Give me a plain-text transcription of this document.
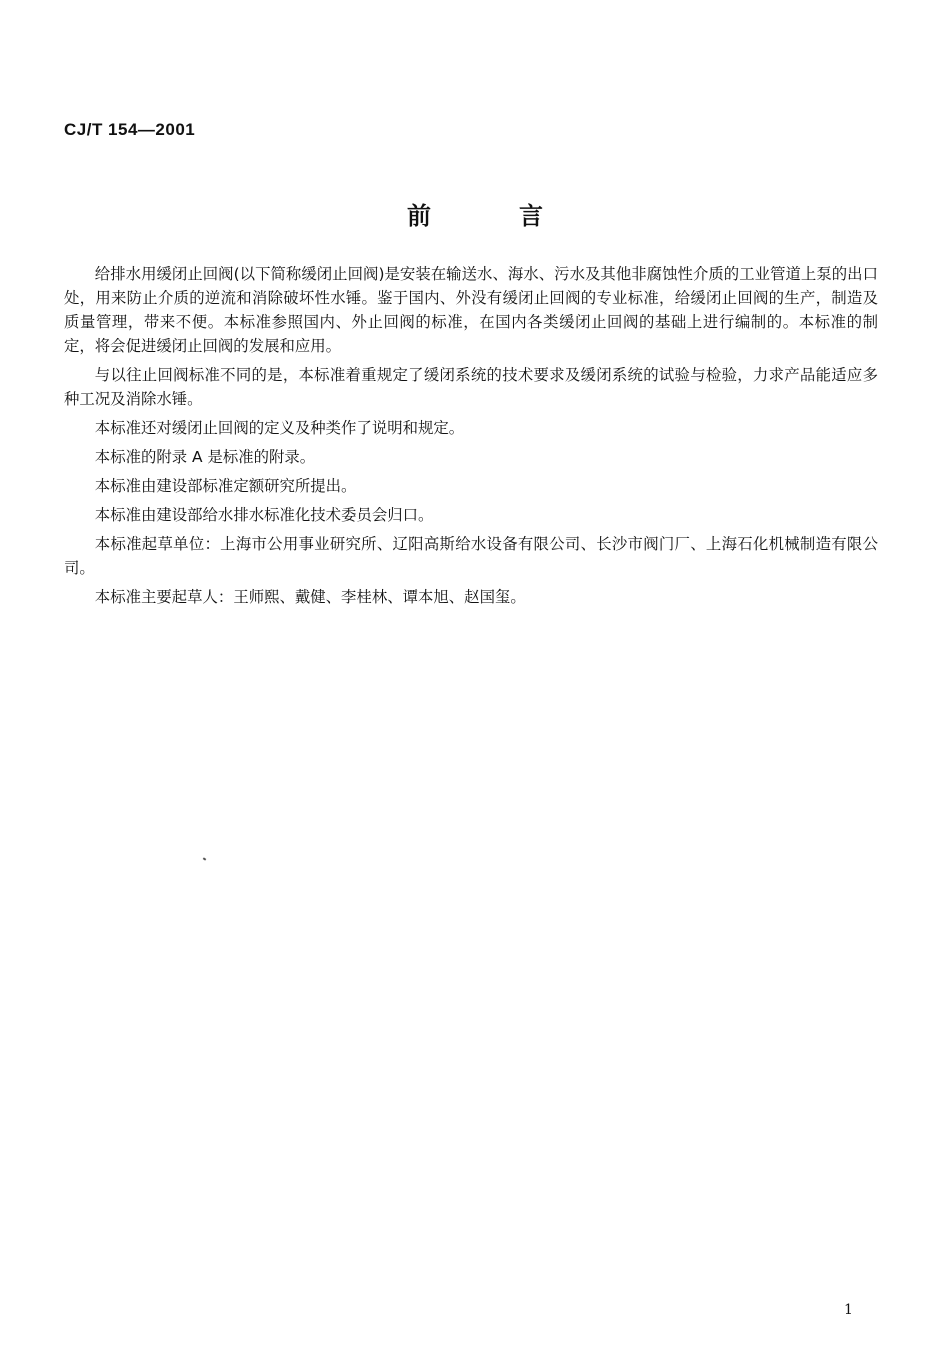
CJ/T 154—2001
前言

给排水用缓闭止回阀(以下简称缓闭止回阀)是安装在输送水、海水、污水及其他非腐蚀性介质的工业管道上泵的出口处，用来防止介质的逆流和消除破坏性水锤。鉴于国内、外没有缓闭止回阀的专业标准，给缓闭止回阀的生产，制造及质量管理，带来不便。本标准参照国内、外止回阀的标准，在国内各类缓闭止回阀的基础上进行编制的。本标准的制定，将会促进缓闭止回阀的发展和应用。

与以往止回阀标准不同的是，本标准着重规定了缓闭系统的技术要求及缓闭系统的试验与检验，力求产品能适应多种工况及消除水锤。

本标准还对缓闭止回阀的定义及种类作了说明和规定。

本标准的附录 A 是标准的附录。

本标准由建设部标准定额研究所提出。

本标准由建设部给水排水标准化技术委员会归口。

本标准起草单位：上海市公用事业研究所、辽阳高斯给水设备有限公司、长沙市阀门厂、上海石化机械制造有限公司。

本标准主要起草人：王师熙、戴健、李桂林、谭本旭、赵国玺。

1
